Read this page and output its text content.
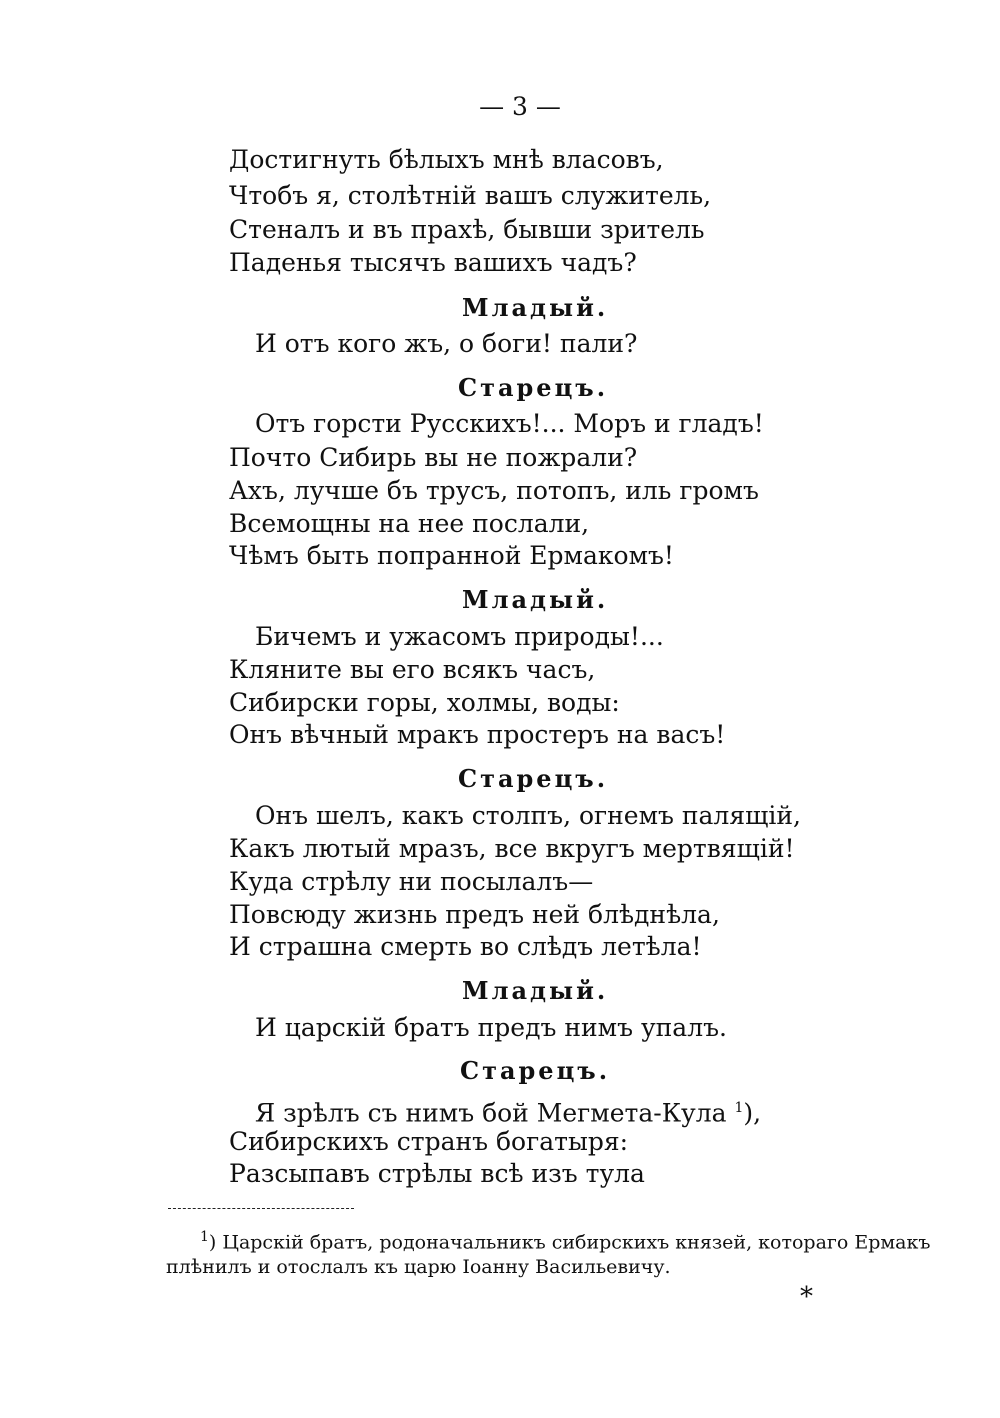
— 3 —
Достигнуть бѣлыхъ мнѣ власовъ,
Чтобъ я, столѣтній вашъ служитель,
Стеналъ и въ прахѣ, бывши зритель
Паденья тысячъ вашихъ чадъ?
Младый.
И отъ кого жъ, о боги! пали?
Старецъ.
Отъ горсти Русскихъ!... Моръ и гладъ!
Почто Сибирь вы не пожрали?
Ахъ, лучше бъ трусъ, потопъ, иль громъ
Всемощны на нее послали,
Чѣмъ быть попранной Ермакомъ!
Младый.
Бичемъ и ужасомъ природы!...
Кляните вы его всякъ часъ,
Сибирски горы, холмы, воды:
Онъ вѣчный мракъ простеръ на васъ!
Старецъ.
Онъ шелъ, какъ столпъ, огнемъ палящій,
Какъ лютый мразъ, все вкругъ мертвящій!
Куда стрѣлу ни посылалъ—
Повсюду жизнь предъ ней блѣднѣла,
И страшна смерть во слѣдъ летѣла!
Младый.
И царскій братъ предъ нимъ упалъ.
Старецъ.
Я зрѣлъ съ нимъ бой Мегмета-Кула $^1$),
Сибирскихъ странъ богатыря:
Разсыпавъ стрѣлы всѣ изъ тула
$^1$) Царскій братъ, родоначальникъ сибирскихъ князей, котораго Ермакъ
плѣнилъ и отослалъ къ царю Іоанну Васильевичу.
*
